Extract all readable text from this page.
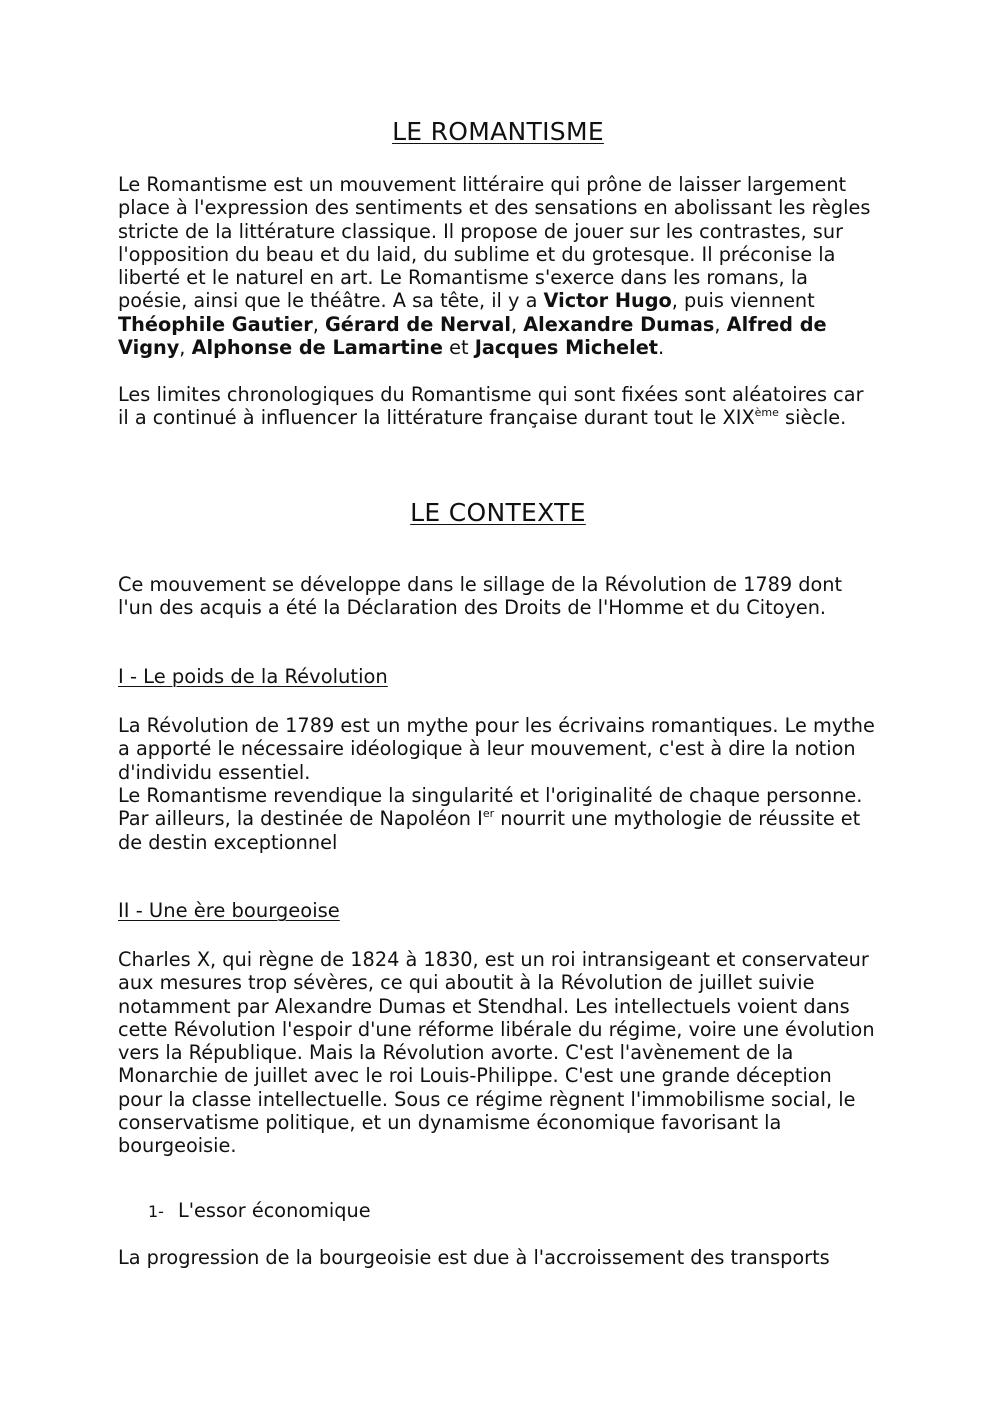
LE ROMANTISME

Le Romantisme est un mouvement littéraire qui prône de laisser largement place à l'expression des sentiments et des sensations en abolissant les règles stricte de la littérature classique. Il propose de jouer sur les contrastes, sur l'opposition du beau et du laid, du sublime et du grotesque. Il préconise la liberté et le naturel en art. Le Romantisme s'exerce dans les romans, la poésie, ainsi que le théâtre. A sa tête, il y a Victor Hugo, puis viennent Théophile Gautier, Gérard de Nerval, Alexandre Dumas, Alfred de Vigny, Alphonse de Lamartine et Jacques Michelet.

Les limites chronologiques du Romantisme qui sont fixées sont aléatoires car il a continué à influencer la littérature française durant tout le XIXème siècle.

LE CONTEXTE

Ce mouvement se développe dans le sillage de la Révolution de 1789 dont l'un des acquis a été la Déclaration des Droits de l'Homme et du Citoyen.

I - Le poids de la Révolution

La Révolution de 1789 est un mythe pour les écrivains romantiques. Le mythe a apporté le nécessaire idéologique à leur mouvement, c'est à dire la notion d'individu essentiel.

Le Romantisme revendique la singularité et l'originalité de chaque personne. Par ailleurs, la destinée de Napoléon Ier nourrit une mythologie de réussite et de destin exceptionnel

II - Une ère bourgeoise

Charles X, qui règne de 1824 à 1830, est un roi intransigeant et conservateur aux mesures trop sévères, ce qui aboutit à la Révolution de juillet suivie notamment par Alexandre Dumas et Stendhal. Les intellectuels voient dans cette Révolution l'espoir d'une réforme libérale du régime, voire une évolution vers la République. Mais la Révolution avorte. C'est l'avènement de la Monarchie de juillet avec le roi Louis-Philippe. C'est une grande déception pour la classe intellectuelle. Sous ce régime règnent l'immobilisme social, le conservatisme politique, et un dynamisme économique favorisant la bourgeoisie.

1- L'essor économique

La progression de la bourgeoisie est due à l'accroissement des transports
